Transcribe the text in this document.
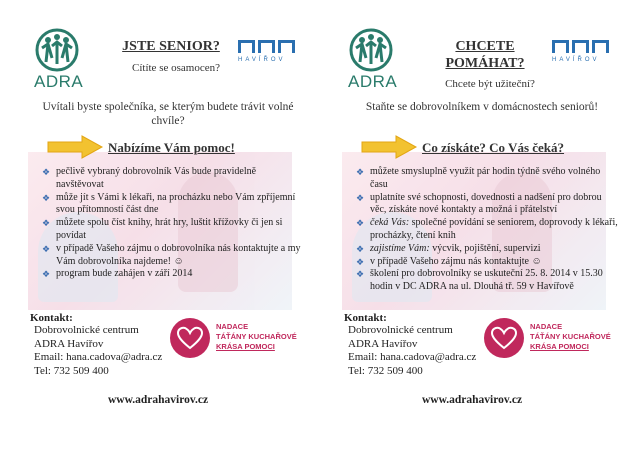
ADRA
JSTE SENIOR?
Cítíte se osamocen?
HAVÍŘOV
Uvítali byste společníka, se kterým budete trávit volné chvíle?
Nabízíme Vám pomoc!
❖ pečlivě vybraný dobrovolník Vás bude pravidelně navštěvovat
❖ může jít s Vámi k lékaři, na procházku nebo Vám zpříjemní svou přítomností část dne
❖ můžete spolu číst knihy, hrát hry, luštit křížovky či jen si povídat
❖ v případě Vašeho zájmu o dobrovolníka nás kontaktujte a my Vám dobrovolníka najdeme! ☺
❖ program bude zahájen v září 2014
Kontakt:
Dobrovolnické centrum
ADRA Havířov
Email: hana.cadova@adra.cz
Tel: 732 509 400
NADACE
TÁŤÁNY KUCHAŘOVÉ
KRÁSA POMOCI
www.adrahavirov.cz
ADRA
CHCETE
POMÁHAT?
Chcete být užiteční?
HAVÍŘOV
Staňte se dobrovolníkem v domácnostech seniorů!
Co získáte? Co Vás čeká?
❖ můžete smysluplně využít pár hodin týdně svého volného času
❖ uplatníte své schopnosti, dovednosti a nadšení pro dobrou věc, získáte nové kontakty a možná i přátelství
❖ čeká Vás: společné povídání se seniorem, doprovody k lékaři, procházky, čtení knih
❖ zajistíme Vám: výcvik, pojištění, supervizi
❖ v případě Vašeho zájmu nás kontaktujte ☺
❖ školení pro dobrovolníky se uskuteční 25. 8. 2014 v 15.30 hodin v DC ADRA na ul. Dlouhá tř. 59 v Havířově
Kontakt:
Dobrovolnické centrum
ADRA Havířov
Email: hana.cadova@adra.cz
Tel: 732 509 400
NADACE
TÁŤÁNY KUCHAŘOVÉ
KRÁSA POMOCI
www.adrahavirov.cz
